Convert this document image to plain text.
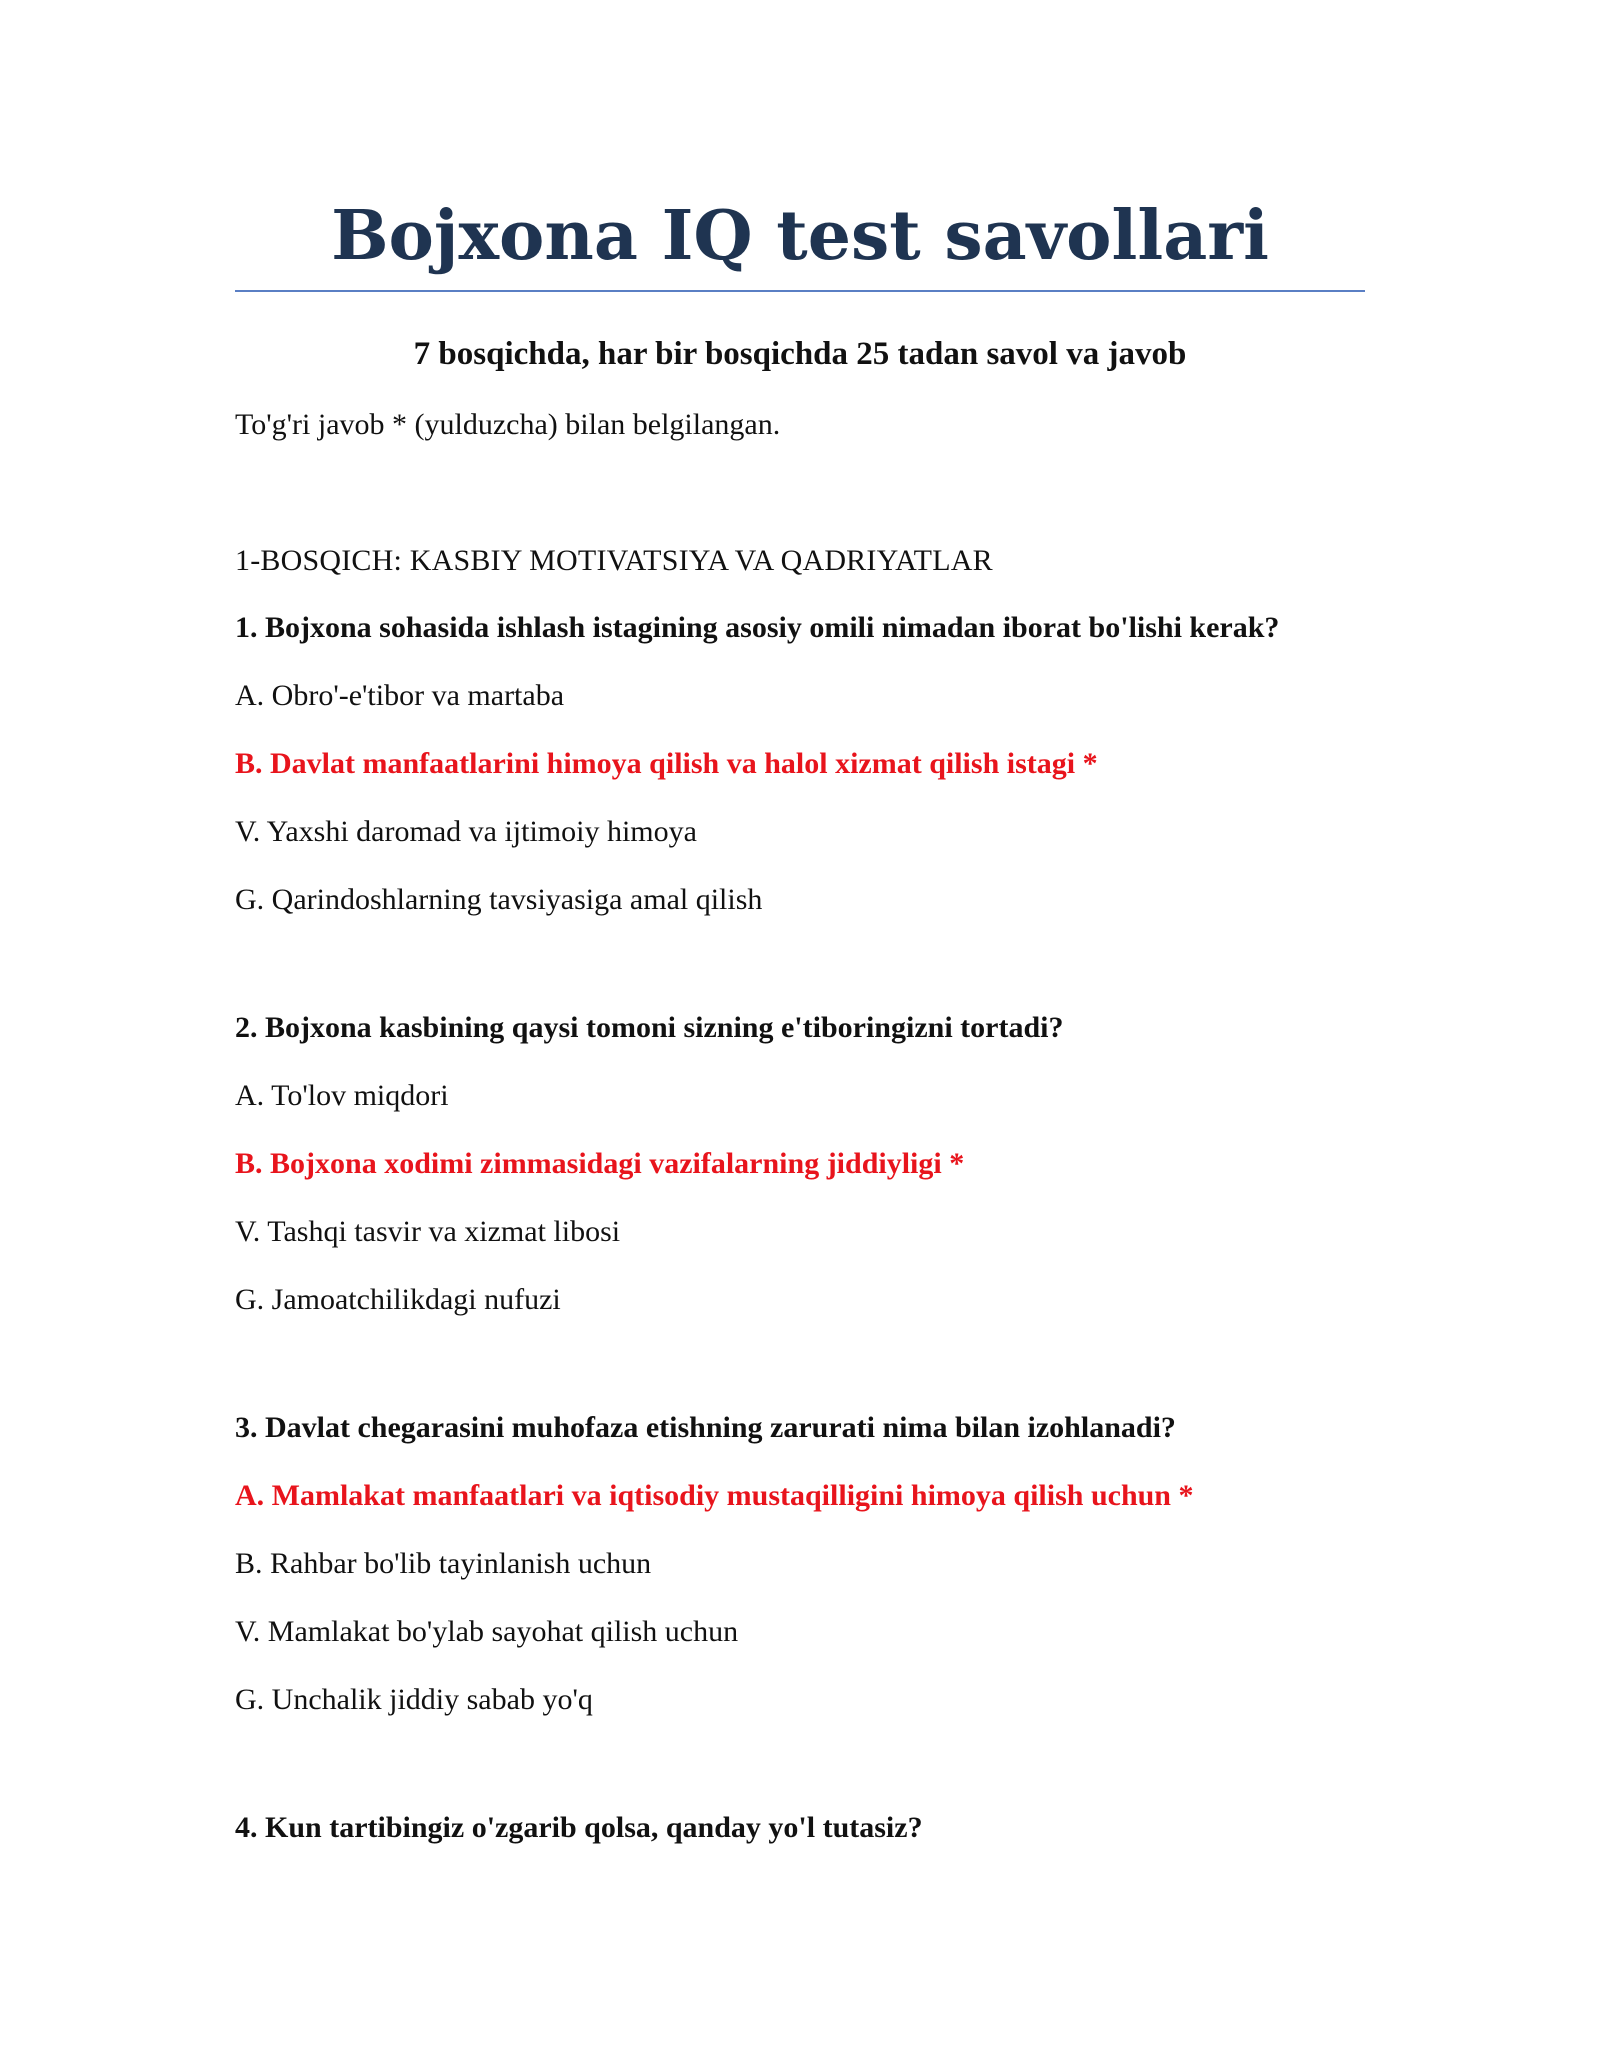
Bojxona IQ test savollari
7 bosqichda, har bir bosqichda 25 tadan savol va javob

To'g'ri javob * (yulduzcha) bilan belgilangan.

1-BOSQICH: KASBIY MOTIVATSIYA VA QADRIYATLAR

1. Bojxona sohasida ishlash istagining asosiy omili nimadan iborat bo'lishi kerak?

A. Obro'-e'tibor va martaba

B. Davlat manfaatlarini himoya qilish va halol xizmat qilish istagi *

V. Yaxshi daromad va ijtimoiy himoya

G. Qarindoshlarning tavsiyasiga amal qilish

2. Bojxona kasbining qaysi tomoni sizning e'tiboringizni tortadi?

A. To'lov miqdori

B. Bojxona xodimi zimmasidagi vazifalarning jiddiyligi *

V. Tashqi tasvir va xizmat libosi

G. Jamoatchilikdagi nufuzi

3. Davlat chegarasini muhofaza etishning zarurati nima bilan izohlanadi?

A. Mamlakat manfaatlari va iqtisodiy mustaqilligini himoya qilish uchun *

B. Rahbar bo'lib tayinlanish uchun

V. Mamlakat bo'ylab sayohat qilish uchun

G. Unchalik jiddiy sabab yo'q

4. Kun tartibingiz o'zgarib qolsa, qanday yo'l tutasiz?
